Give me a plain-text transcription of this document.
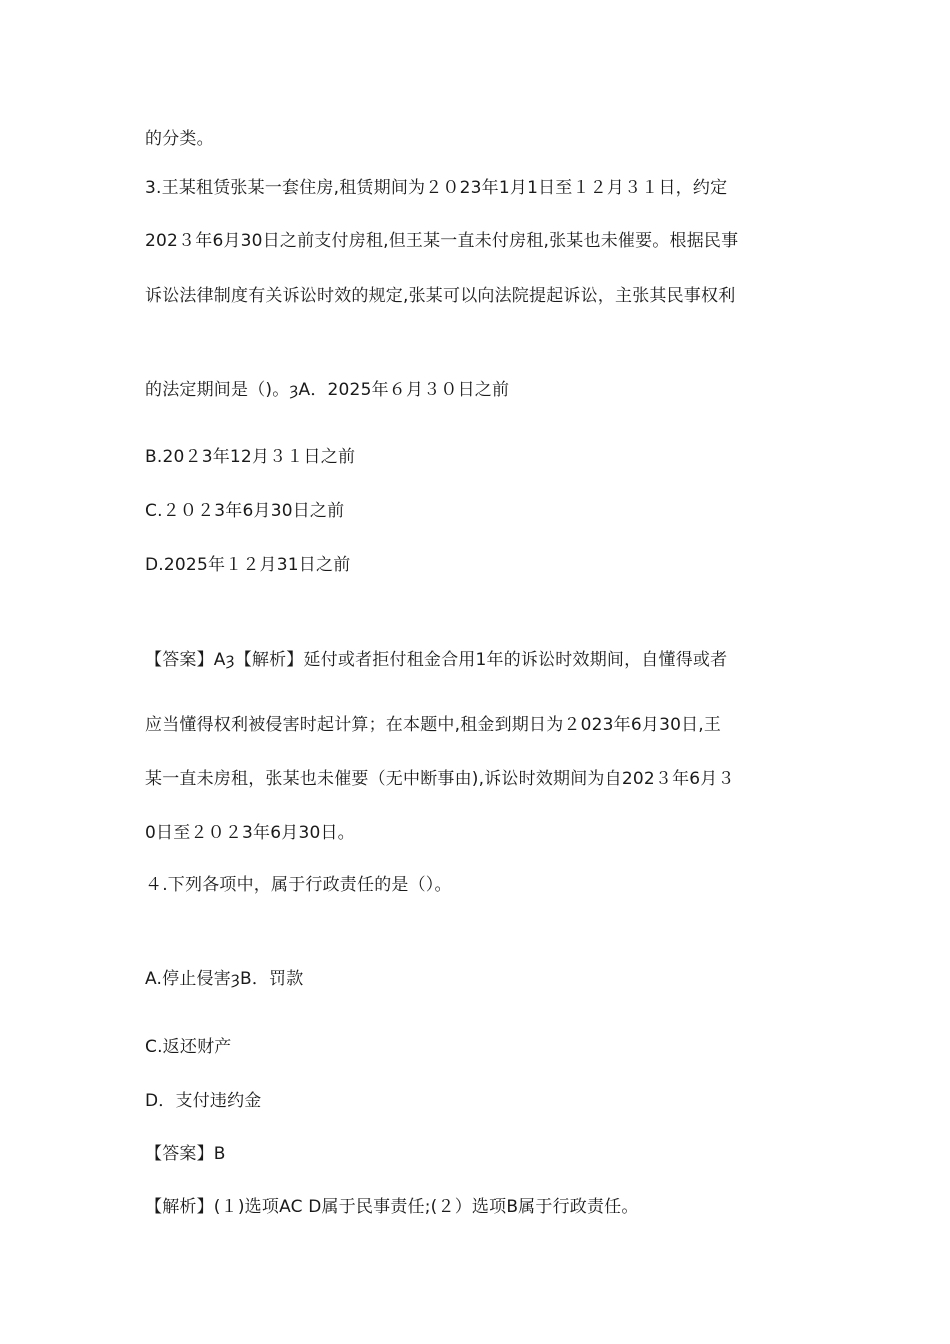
的分类。
3.王某租赁张某一套住房,租赁期间为２０23年1月1日至１２月３１日，约定
202３年6月30日之前支付房租,但王某一直未付房租,张某也未催要。根据民事
诉讼法律制度有关诉讼时效的规定,张某可以向法院提起诉讼，主张其民事权利
的法定期间是（)。ȝA．2025年６月３０日之前
B.20２3年12月３１日之前
C.２０２3年6月30日之前
D.2025年１２月31日之前
【答案】Aȝ【解析】延付或者拒付租金合用1年的诉讼时效期间，自懂得或者
应当懂得权利被侵害时起计算；在本题中,租金到期日为２023年6月30日,王
某一直未房租，张某也未催要（无中断事由),诉讼时效期间为自202３年6月３
0日至２０２3年6月30日。
４.下列各项中，属于行政责任的是（）。
A.停止侵害ȝB．罚款
C.返还财产
D．支付违约金
【答案】B
【解析】(１)选项AC D属于民事责任;(２）选项B属于行政责任。
